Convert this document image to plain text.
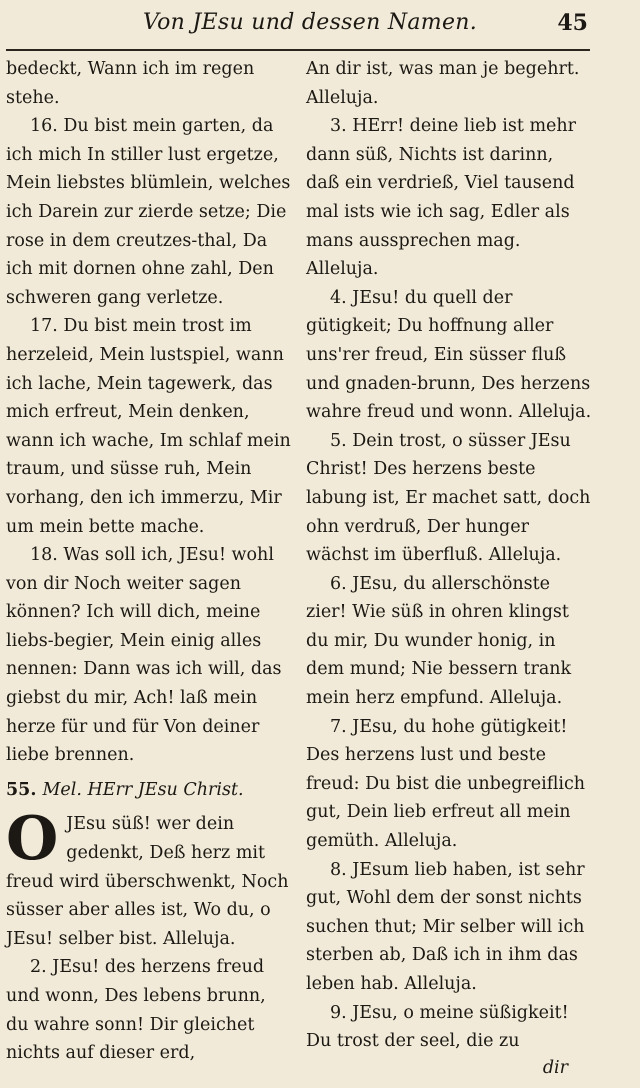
Von JEsu und dessen Namen.	45

bedeckt, Wann ich im regen stehe.

16. Du bist mein garten, da ich mich In stiller lust ergetze, Mein liebstes blümlein, welches ich Darein zur zierde setze; Die rose in dem creutzes-thal, Da ich mit dornen ohne zahl, Den schweren gang verletze.

17. Du bist mein trost im herzeleid, Mein lustspiel, wann ich lache, Mein tagewerk, das mich erfreut, Mein denken, wann ich wache, Im schlaf mein traum, und süsse ruh, Mein vorhang, den ich immerzu, Mir um mein bette mache.

18. Was soll ich, JEsu! wohl von dir Noch weiter sagen können? Ich will dich, meine liebs-begier, Mein einig alles nennen: Dann was ich will, das giebst du mir, Ach! laß mein herze für und für Von deiner liebe brennen.

55. Mel. HErr JEsu Christ.

O JEsu süß! wer dein gedenkt, Deß herz mit freud wird überschwenkt, Noch süsser aber alles ist, Wo du, o JEsu! selber bist. Alleluja.

2. JEsu! des herzens freud und wonn, Des lebens brunn, du wahre sonn! Dir gleichet nichts auf dieser erd,

An dir ist, was man je begehrt. Alleluja.

3. HErr! deine lieb ist mehr dann süß, Nichts ist darinn, daß ein verdrieß, Viel tausend mal ists wie ich sag, Edler als mans aussprechen mag. Alleluja.

4. JEsu! du quell der gütigkeit; Du hoffnung aller uns'rer freud, Ein süsser fluß und gnaden-brunn, Des herzens wahre freud und wonn. Alleluja.

5. Dein trost, o süsser JEsu Christ! Des herzens beste labung ist, Er machet satt, doch ohn verdruß, Der hunger wächst im überfluß. Alleluja.

6. JEsu, du allerschönste zier! Wie süß in ohren klingst du mir, Du wunder honig, in dem mund; Nie bessern trank mein herz empfund. Alleluja.

7. JEsu, du hohe gütigkeit! Des herzens lust und beste freud: Du bist die unbegreiflich gut, Dein lieb erfreut all mein gemüth. Alleluja.

8. JEsum lieb haben, ist sehr gut, Wohl dem der sonst nichts suchen thut; Mir selber will ich sterben ab, Daß ich in ihm das leben hab. Alleluja.

9. JEsu, o meine süßigkeit! Du trost der seel, die zu

dir
